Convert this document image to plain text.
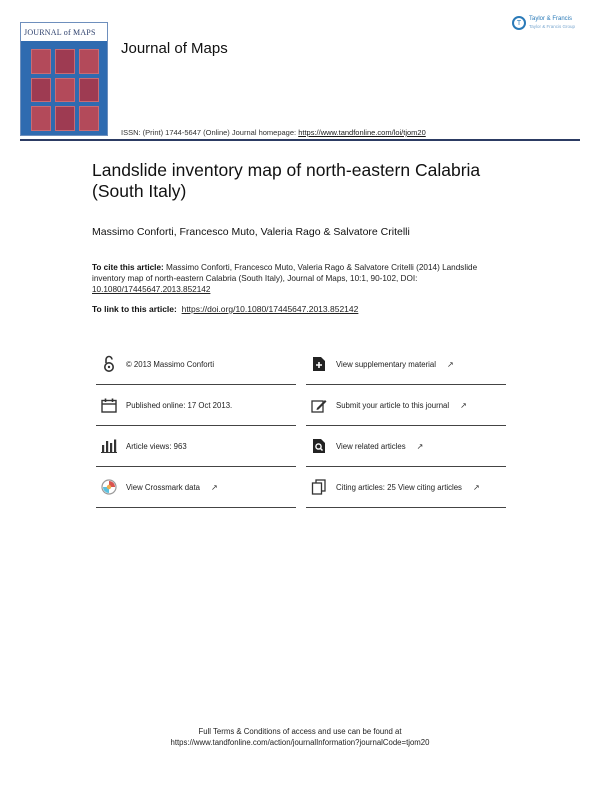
JOURNAL of MAPS
Journal of Maps
T
Taylor & Francis
Taylor & Francis Group
ISSN: (Print) 1744-5647 (Online) Journal homepage: https://www.tandfonline.com/loi/tjom20
Landslide inventory map of north-eastern Calabria (South Italy)
Massimo Conforti, Francesco Muto, Valeria Rago & Salvatore Critelli
To cite this article: Massimo Conforti, Francesco Muto, Valeria Rago & Salvatore Critelli (2014) Landslide inventory map of north-eastern Calabria (South Italy), Journal of Maps, 10:1, 90-102, DOI: 10.1080/17445647.2013.852142
To link to this article: https://doi.org/10.1080/17445647.2013.852142
© 2013 Massimo Conforti	View supplementary material ↗
Published online: 17 Oct 2013.	Submit your article to this journal ↗
Article views: 963	View related articles ↗
View Crossmark data ↗	Citing articles: 25 View citing articles ↗
Full Terms & Conditions of access and use can be found at
https://www.tandfonline.com/action/journalInformation?journalCode=tjom20
